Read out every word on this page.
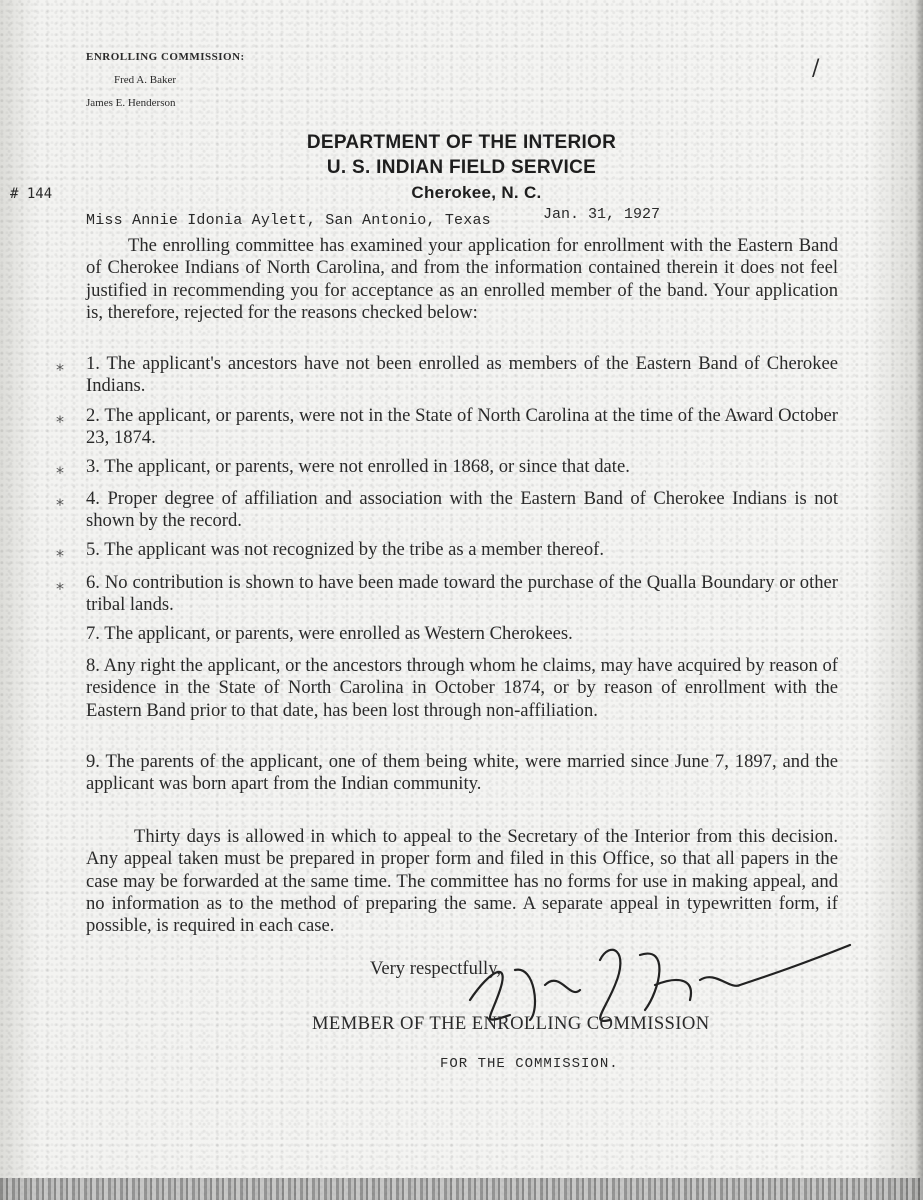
ENROLLING COMMISSION:
Fred A. Baker
James E. Henderson
/
DEPARTMENT OF THE INTERIOR
U. S. INDIAN FIELD SERVICE
Cherokee, N. C.
# 144
Miss Annie Idonia Aylett, San Antonio, Texas	Jan. 31, 1927
The enrolling committee has examined your application for enrollment with the Eastern Band of Cherokee Indians of North Carolina, and from the information contained therein it does not feel justified in recommending you for acceptance as an enrolled member of the band. Your application is, therefore, rejected for the reasons checked below:
* 1. The applicant's ancestors have not been enrolled as members of the Eastern Band of Cherokee Indians.
* 2. The applicant, or parents, were not in the State of North Carolina at the time of the Award October 23, 1874.
* 3. The applicant, or parents, were not enrolled in 1868, or since that date.
* 4. Proper degree of affiliation and association with the Eastern Band of Cherokee Indians is not shown by the record.
* 5. The applicant was not recognized by the tribe as a member thereof.
* 6. No contribution is shown to have been made toward the purchase of the Qualla Boundary or other tribal lands.
7. The applicant, or parents, were enrolled as Western Cherokees.
8. Any right the applicant, or the ancestors through whom he claims, may have acquired by reason of residence in the State of North Carolina in October 1874, or by reason of enrollment with the Eastern Band prior to that date, has been lost through non-affiliation.
9. The parents of the applicant, one of them being white, were married since June 7, 1897, and the applicant was born apart from the Indian community.
Thirty days is allowed in which to appeal to the Secretary of the Interior from this decision. Any appeal taken must be prepared in proper form and filed in this Office, so that all papers in the case may be forwarded at the same time. The committee has no forms for use in making appeal, and no information as to the method of preparing the same. A separate appeal in typewritten form, if possible, is required in each case.
Very respectfully,
MEMBER OF THE ENROLLING COMMISSION
FOR THE COMMISSION.
